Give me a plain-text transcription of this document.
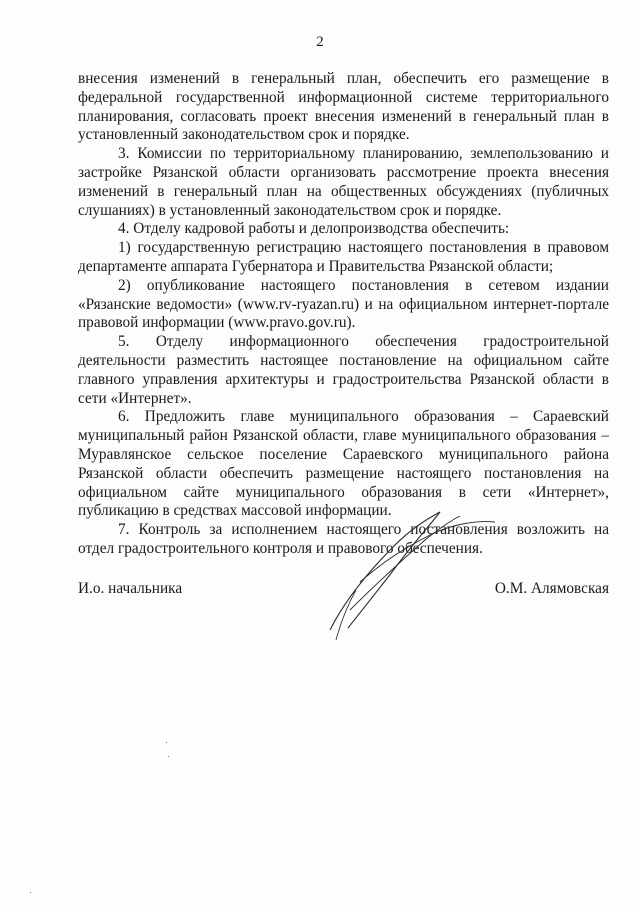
2

внесения изменений в генеральный план, обеспечить его размещение в федеральной государственной информационной системе территориального планирования, согласовать проект внесения изменений в генеральный план в установленный законодательством срок и порядке.

3. Комиссии по территориальному планированию, землепользованию и застройке Рязанской области организовать рассмотрение проекта внесения изменений в генеральный план на общественных обсуждениях (публичных слушаниях) в установленный законодательством срок и порядке.

4. Отделу кадровой работы и делопроизводства обеспечить:

1) государственную регистрацию настоящего постановления в правовом департаменте аппарата Губернатора и Правительства Рязанской области;

2) опубликование настоящего постановления в сетевом издании «Рязанские ведомости» (www.rv-ryazan.ru) и на официальном интернет-портале правовой информации (www.pravo.gov.ru).

5. Отделу информационного обеспечения градостроительной деятельности разместить настоящее постановление на официальном сайте главного управления архитектуры и градостроительства Рязанской области в сети «Интернет».

6. Предложить главе муниципального образования – Сараевский муниципальный район Рязанской области, главе муниципального образования – Муравлянское сельское поселение Сараевского муниципального района Рязанской области обеспечить размещение настоящего постановления на официальном сайте муниципального образования в сети «Интернет», публикацию в средствах массовой информации.

7. Контроль за исполнением настоящего постановления возложить на отдел градостроительного контроля и правового обеспечения.

И.о. начальника	О.М. Алямовская
